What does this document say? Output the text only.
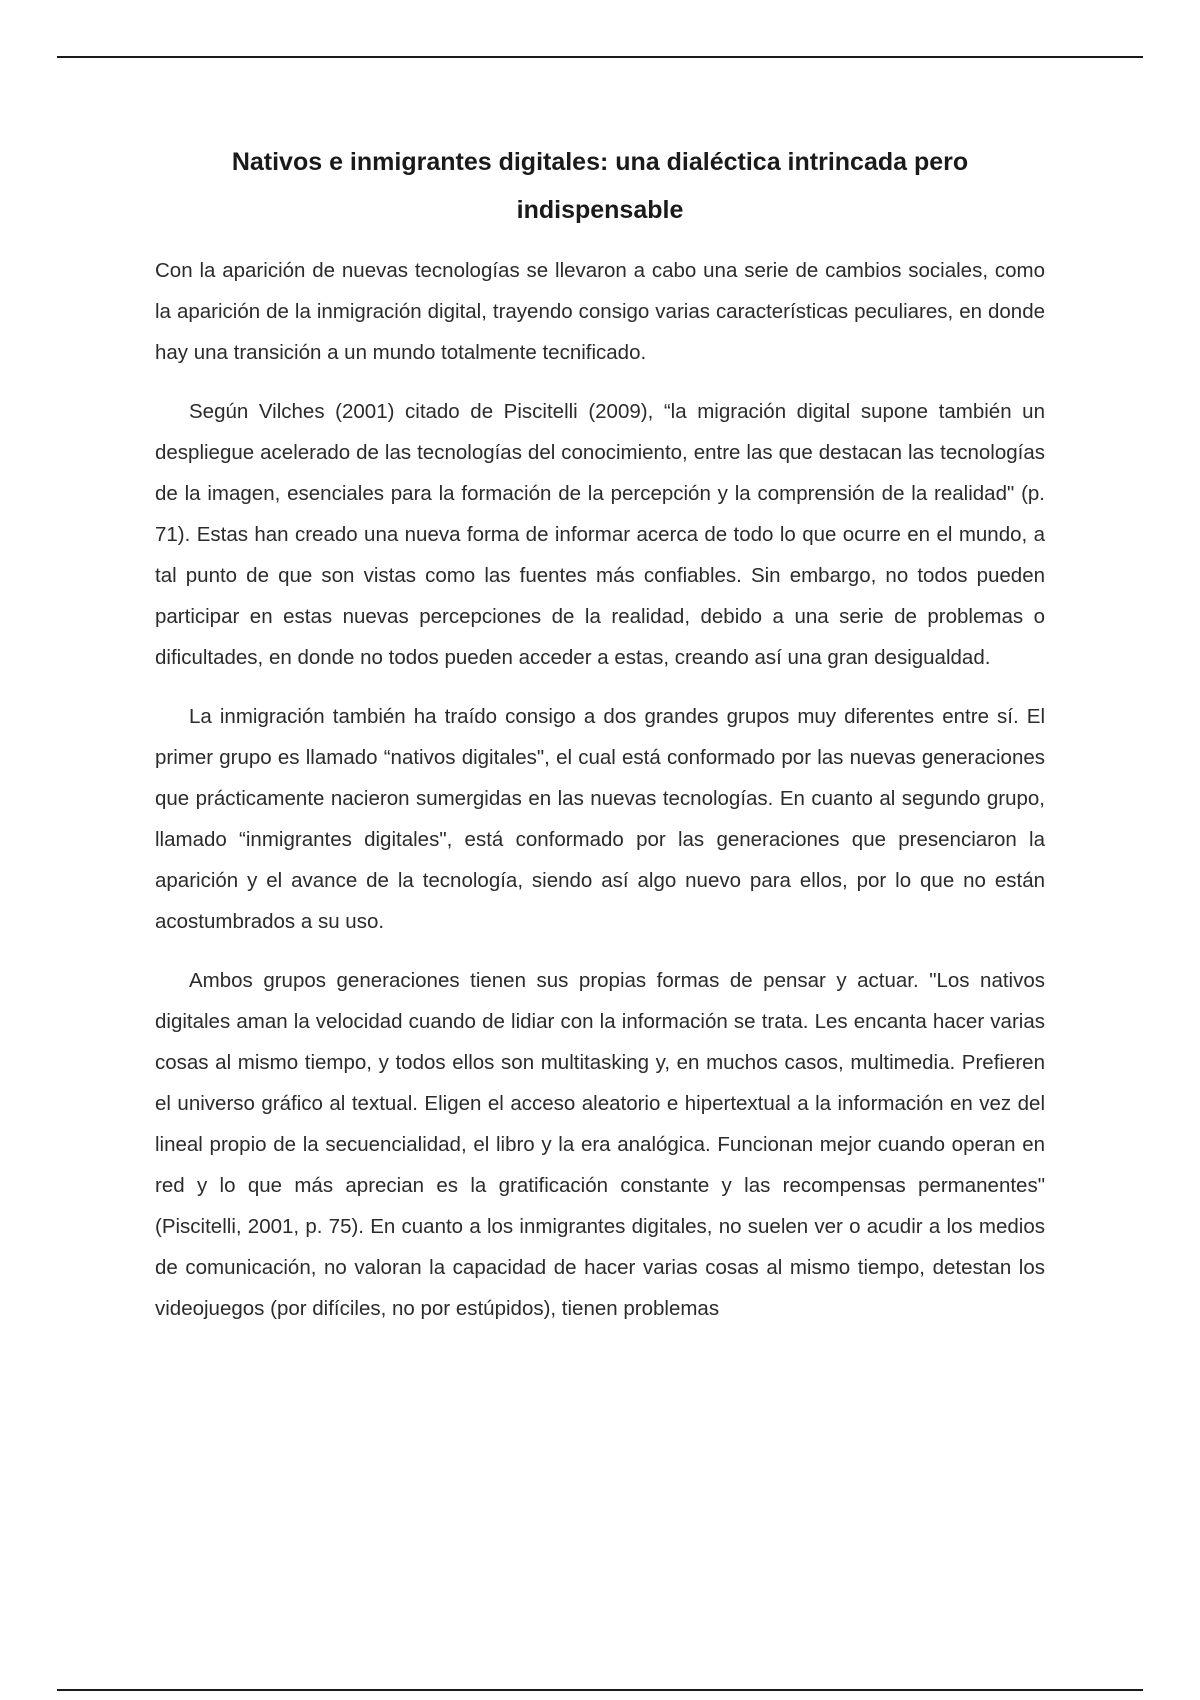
Nativos e inmigrantes digitales: una dialéctica intrincada pero indispensable

Con la aparición de nuevas tecnologías se llevaron a cabo una serie de cambios sociales, como la aparición de la inmigración digital, trayendo consigo varias características peculiares, en donde hay una transición a un mundo totalmente tecnificado.

Según Vilches (2001) citado de Piscitelli (2009), “la migración digital supone también un despliegue acelerado de las tecnologías del conocimiento, entre las que destacan las tecnologías de la imagen, esenciales para la formación de la percepción y la comprensión de la realidad" (p. 71). Estas han creado una nueva forma de informar acerca de todo lo que ocurre en el mundo, a tal punto de que son vistas como las fuentes más confiables. Sin embargo, no todos pueden participar en estas nuevas percepciones de la realidad, debido a una serie de problemas o dificultades, en donde no todos pueden acceder a estas, creando así una gran desigualdad.

La inmigración también ha traído consigo a dos grandes grupos muy diferentes entre sí. El primer grupo es llamado “nativos digitales", el cual está conformado por las nuevas generaciones que prácticamente nacieron sumergidas en las nuevas tecnologías. En cuanto al segundo grupo, llamado “inmigrantes digitales", está conformado por las generaciones que presenciaron la aparición y el avance de la tecnología, siendo así algo nuevo para ellos, por lo que no están acostumbrados a su uso.

Ambos grupos generaciones tienen sus propias formas de pensar y actuar. "Los nativos digitales aman la velocidad cuando de lidiar con la información se trata. Les encanta hacer varias cosas al mismo tiempo, y todos ellos son multitasking y, en muchos casos, multimedia. Prefieren el universo gráfico al textual. Eligen el acceso aleatorio e hipertextual a la información en vez del lineal propio de la secuencialidad, el libro y la era analógica. Funcionan mejor cuando operan en red y lo que más aprecian es la gratificación constante y las recompensas permanentes" (Piscitelli, 2001, p. 75). En cuanto a los inmigrantes digitales, no suelen ver o acudir a los medios de comunicación, no valoran la capacidad de hacer varias cosas al mismo tiempo, detestan los videojuegos (por difíciles, no por estúpidos), tienen problemas
